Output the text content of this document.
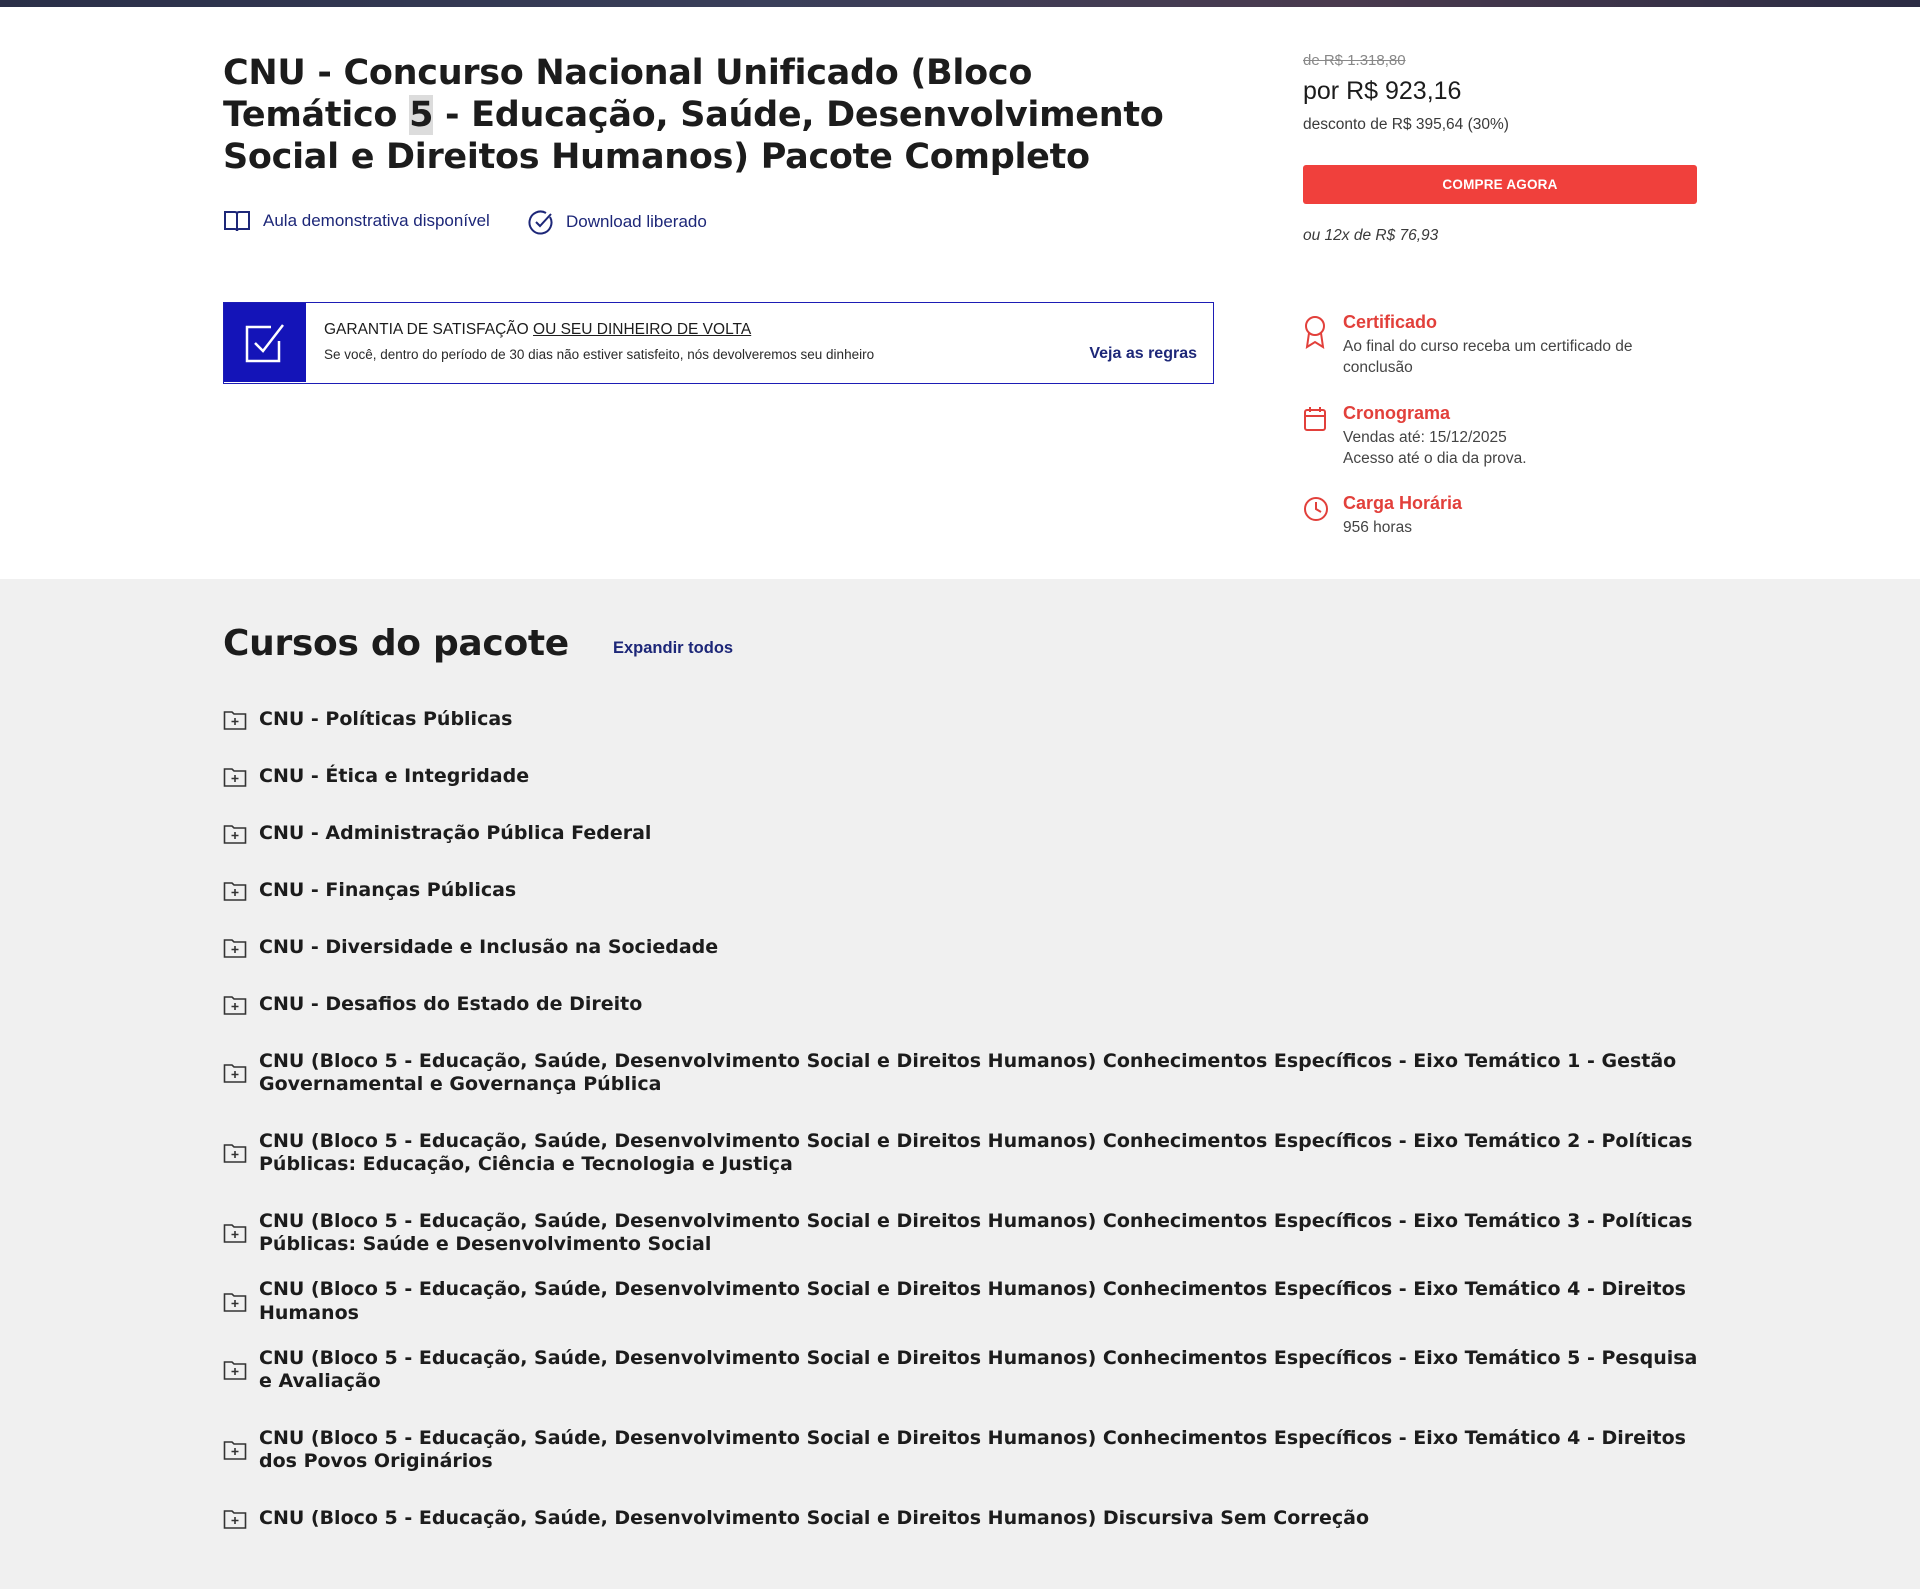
CNU - Concurso Nacional Unificado (Bloco Temático 5 - Educação, Saúde, Desenvolvimento Social e Direitos Humanos) Pacote Completo
Aula demonstrativa disponível	Download liberado
GARANTIA DE SATISFAÇÃO OU SEU DINHEIRO DE VOLTA
Se você, dentro do período de 30 dias não estiver satisfeito, nós devolveremos seu dinheiro	Veja as regras
de R$ 1.318,80
por R$ 923,16
desconto de R$ 395,64 (30%)
COMPRE AGORA
ou 12x de R$ 76,93
Certificado
Ao final do curso receba um certificado de conclusão
Cronograma
Vendas até: 15/12/2025
Acesso até o dia da prova.
Carga Horária
956 horas
Cursos do pacote	Expandir todos
CNU - Políticas Públicas
CNU - Ética e Integridade
CNU - Administração Pública Federal
CNU - Finanças Públicas
CNU - Diversidade e Inclusão na Sociedade
CNU - Desafios do Estado de Direito
CNU (Bloco 5 - Educação, Saúde, Desenvolvimento Social e Direitos Humanos) Conhecimentos Específicos - Eixo Temático 1 - Gestão Governamental e Governança Pública
CNU (Bloco 5 - Educação, Saúde, Desenvolvimento Social e Direitos Humanos) Conhecimentos Específicos - Eixo Temático 2 - Políticas Públicas: Educação, Ciência e Tecnologia e Justiça
CNU (Bloco 5 - Educação, Saúde, Desenvolvimento Social e Direitos Humanos) Conhecimentos Específicos - Eixo Temático 3 - Políticas Públicas: Saúde e Desenvolvimento Social
CNU (Bloco 5 - Educação, Saúde, Desenvolvimento Social e Direitos Humanos) Conhecimentos Específicos - Eixo Temático 4 - Direitos Humanos
CNU (Bloco 5 - Educação, Saúde, Desenvolvimento Social e Direitos Humanos) Conhecimentos Específicos - Eixo Temático 5 - Pesquisa e Avaliação
CNU (Bloco 5 - Educação, Saúde, Desenvolvimento Social e Direitos Humanos) Conhecimentos Específicos - Eixo Temático 4 - Direitos dos Povos Originários
CNU (Bloco 5 - Educação, Saúde, Desenvolvimento Social e Direitos Humanos) Discursiva Sem Correção
